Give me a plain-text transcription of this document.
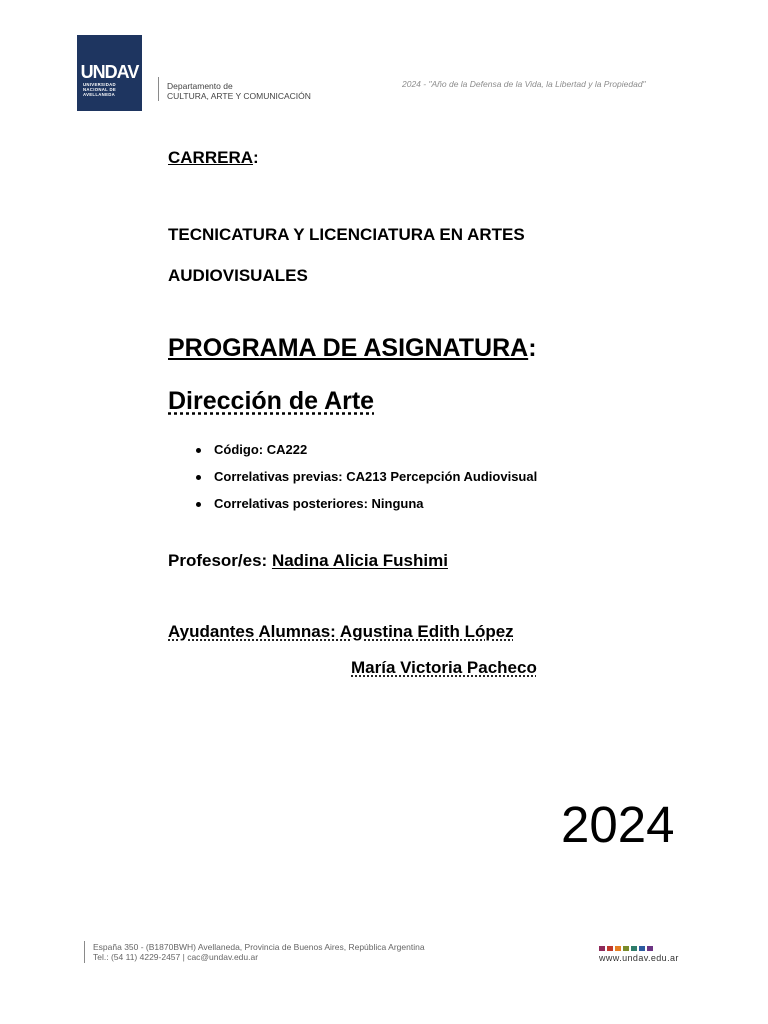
UNDAV
UNIVERSIDAD
NACIONAL DE
AVELLANEDA
Departamento de
CULTURA, ARTE Y COMUNICACIÓN
2024 - "Año de la Defensa de la Vida, la Libertad y la Propiedad"
CARRERA:
TECNICATURA Y LICENCIATURA EN ARTES
AUDIOVISUALES
PROGRAMA DE ASIGNATURA:
Dirección de Arte
Código: CA222
Correlativas previas: CA213 Percepción Audiovisual
Correlativas posteriores: Ninguna
Profesor/es: Nadina Alicia Fushimi
Ayudantes Alumnas: Agustina Edith López
María Victoria Pacheco
2024
España 350 - (B1870BWH) Avellaneda, Provincia de Buenos Aires, República Argentina
Tel.: (54 11) 4229-2457 | cac@undav.edu.ar	www.undav.edu.ar
